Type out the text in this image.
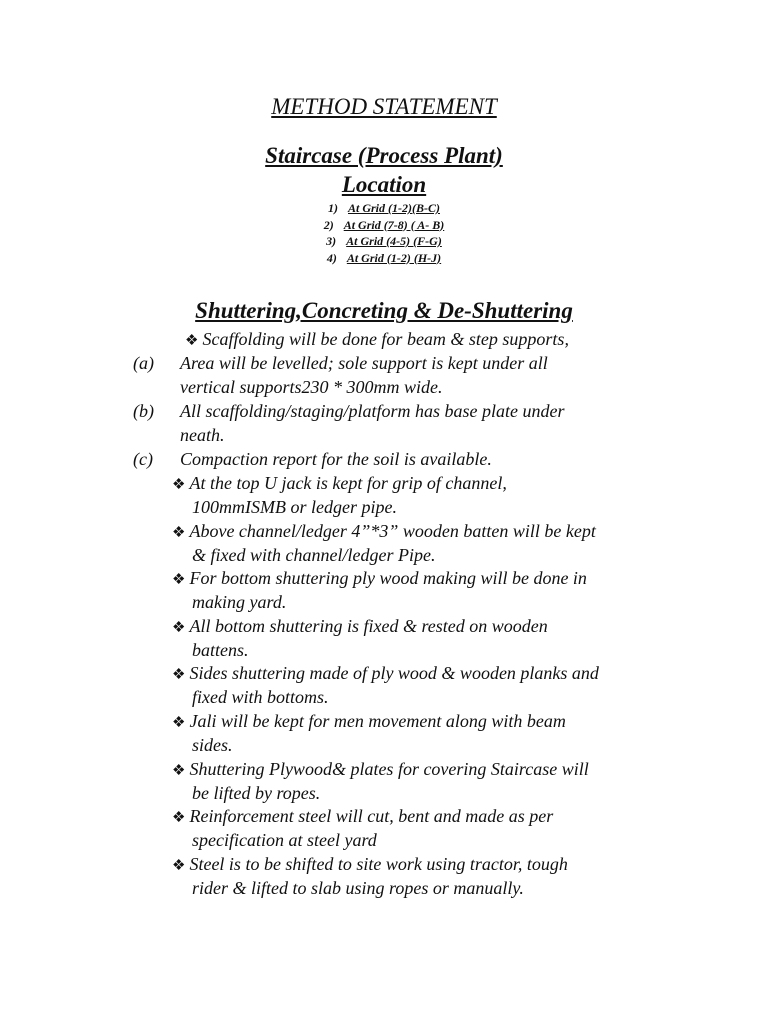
METHOD STATEMENT
Staircase (Process Plant)
Location
1) At Grid (1-2)(B-C)
2) At Grid (7-8) ( A- B)
3) At Grid (4-5) (F-G)
4) At Grid (1-2) (H-J)
Shuttering,Concreting & De-Shuttering
❖ Scaffolding will be done for beam & step supports,
(a) Area will be levelled; sole support is kept under all
vertical supports230 * 300mm wide.
(b) All scaffolding/staging/platform has base plate under
neath.
(c) Compaction report for the soil is available.
❖ At the top U jack is kept for grip of channel,
100mmISMB or ledger pipe.
❖ Above channel/ledger 4”*3” wooden batten will be kept
& fixed with channel/ledger Pipe.
❖ For bottom shuttering ply wood making will be done in
making yard.
❖ All bottom shuttering is fixed & rested on wooden
battens.
❖ Sides shuttering made of ply wood & wooden planks and
fixed with bottoms.
❖ Jali will be kept for men movement along with beam
sides.
❖ Shuttering Plywood& plates for covering Staircase will
be lifted by ropes.
❖ Reinforcement steel will cut, bent and made as per
specification at steel yard
❖ Steel is to be shifted to site work using tractor, tough
rider & lifted to slab using ropes or manually.
